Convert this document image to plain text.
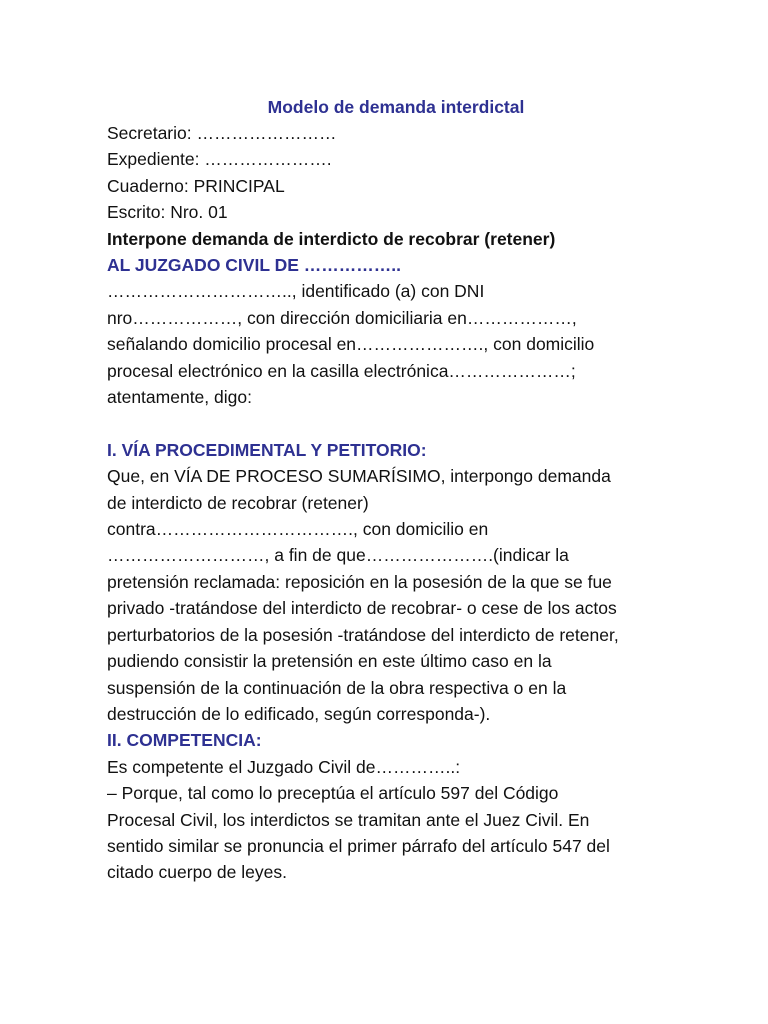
Modelo de demanda interdictal

Secretario: ……………………

Expediente: ………………….

Cuaderno: PRINCIPAL

Escrito: Nro. 01

Interpone demanda de interdicto de recobrar (retener)

AL JUZGADO CIVIL DE ……………..

………………………….., identificado (a) con DNI

nro………………, con dirección domiciliaria en………………,

señalando domicilio procesal en…………………., con domicilio

procesal electrónico en la casilla electrónica…………………;

atentamente, digo:

I. VÍA PROCEDIMENTAL Y PETITORIO:

Que, en VÍA DE PROCESO SUMARÍSIMO, interpongo demanda

de interdicto de recobrar (retener)

contra……………………………., con domicilio en

………………………, a fin de que………………….(indicar la

pretensión reclamada: reposición en la posesión de la que se fue

privado -tratándose del interdicto de recobrar- o cese de los actos

perturbatorios de la posesión -tratándose del interdicto de retener,

pudiendo consistir la pretensión en este último caso en la

suspensión de la continuación de la obra respectiva o en la

destrucción de lo edificado, según corresponda-).

II. COMPETENCIA:

Es competente el Juzgado Civil de…………..:

– Porque, tal como lo preceptúa el artículo 597 del Código

Procesal Civil, los interdictos se tramitan ante el Juez Civil. En

sentido similar se pronuncia el primer párrafo del artículo 547 del

citado cuerpo de leyes.
